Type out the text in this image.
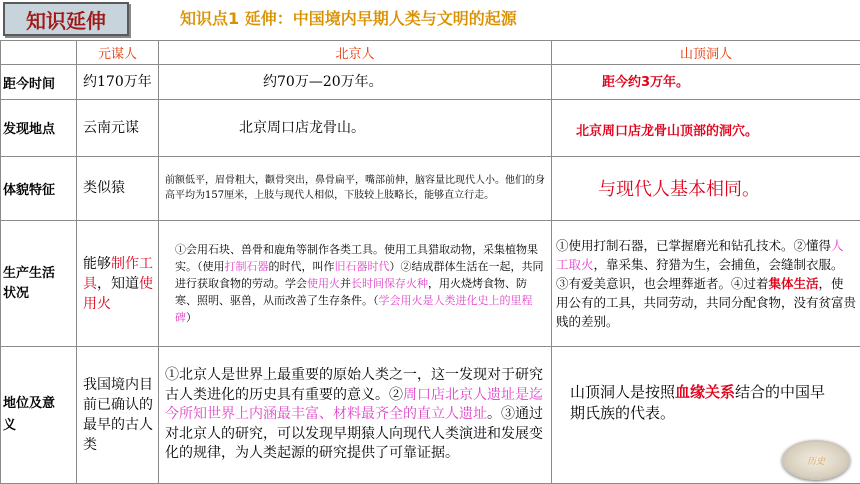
知识延伸	知识点1 延伸：中国境内早期人类与文明的起源
	元谋人	北京人	山顶洞人
距今时间	约170万年	约70万—20万年。	距今约3万年。
发现地点	云南元谋	北京周口店龙骨山。	北京周口店龙骨山顶部的洞穴。
体貌特征	类似猿	前额低平，眉骨粗大，颧骨突出，鼻骨扁平，嘴部前伸，脑容量比现代人小。他们的身高平均为157厘米，上肢与现代人相似，下肢较上肢略长，能够直立行走。	与现代人基本相同。
生产生活
状况	能够制作工具，知道使用火	①会用石块、兽骨和鹿角等制作各类工具。使用工具猎取动物，采集植物果实。（使用打制石器的时代，叫作旧石器时代）②结成群体生活在一起，共同进行获取食物的劳动。学会使用火并长时间保存火种，用火烧烤食物、防寒、照明、驱兽，从而改善了生存条件。（学会用火是人类进化史上的里程碑）	①使用打制石器，已掌握磨光和钻孔技术。②懂得人工取火，靠采集、狩猎为生，会捕鱼，会缝制衣服。③有爱美意识，也会埋葬逝者。④过着集体生活，使用公有的工具，共同劳动，共同分配食物，没有贫富贵贱的差别。
地位及意
义	我国境内目前已确认的最早的古人类	①北京人是世界上最重要的原始人类之一，这一发现对于研究古人类进化的历史具有重要的意义。②周口店北京人遗址是迄今所知世界上内涵最丰富、材料最齐全的直立人遗址。③通过对北京人的研究，可以发现早期猿人向现代人类演进和发展变化的规律，为人类起源的研究提供了可靠证据。	山顶洞人是按照血缘关系结合的中国早期氏族的代表。
历史
